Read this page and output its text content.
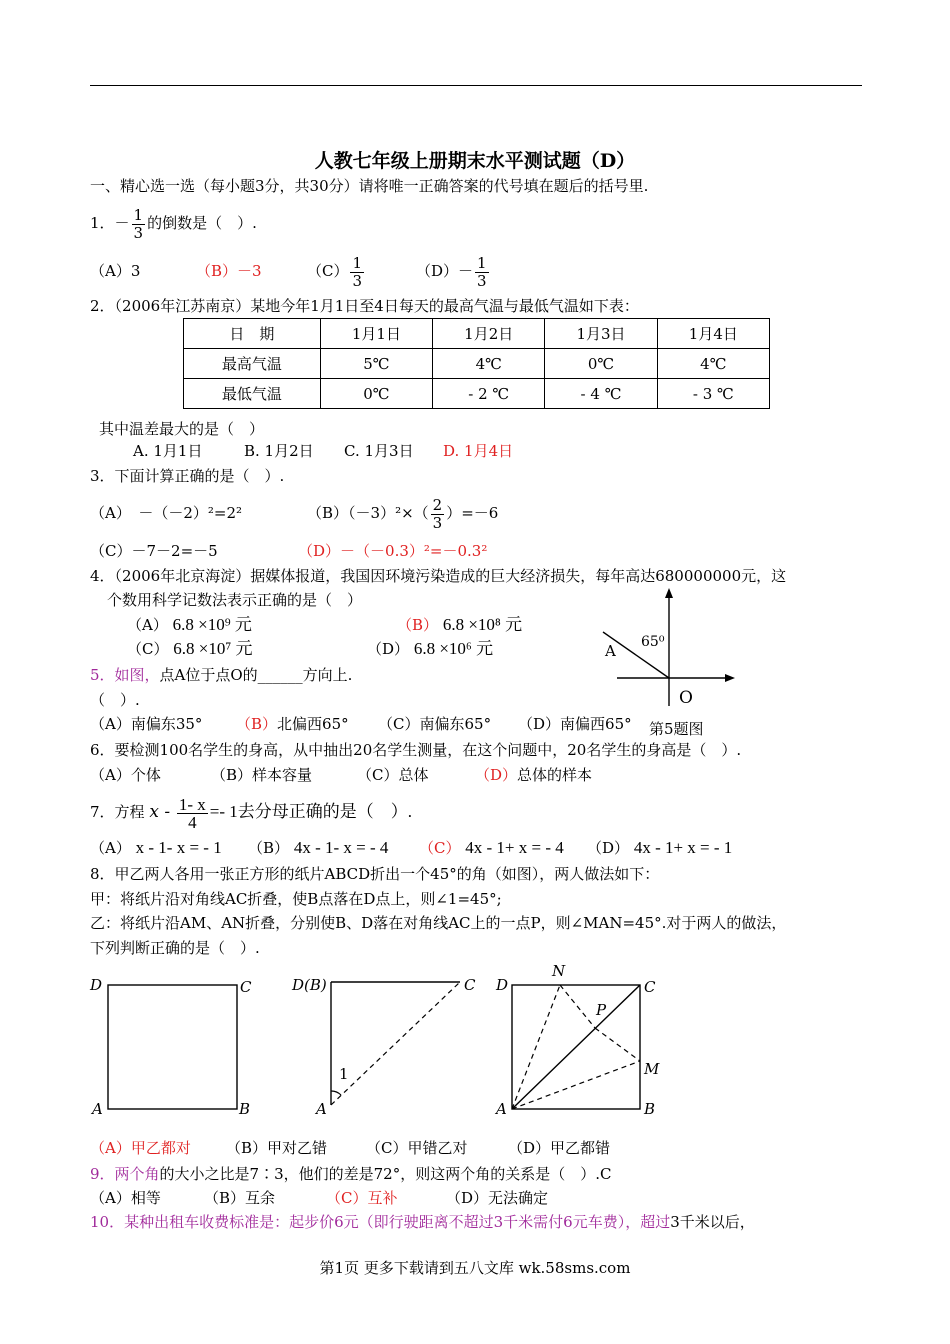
人教七年级上册期末水平测试题（D）
一、精心选一选（每小题3分，共30分）请将唯一正确答案的代号填在题后的括号里.
1．－ $\frac{1}{3}$ 的倒数是（　）.
（A）3	（B）－3	$(C) \frac{1}{3}$	$(D)- \frac{1}{3}$
2．（2006年江苏南京）某地今年1月1日至4日每天的最高气温与最低气温如下表：
日　期	1月1日	1月2日	1月3日	1月4日
最高气温	5℃	4℃	0℃	4℃
最低气温	0℃	- 2 ℃	- 4 ℃	- 3 ℃
其中温差最大的是（　）
A. 1月1日	B. 1月2日 C. 1月3日 D. 1月4日
3．下面计算正确的是（　）.
（A）　－（－2）²=2²	$(B)(-3)^2\times( \frac{2}{3} )=-6$
（C）－7－2=－5	（D）－（－0.3）²=－0.3²
4．（2006年北京海淀）据媒体报道，我国因环境污染造成的巨大经济损失，每年高达680000000元，这
个数用科学记数法表示正确的是（　）
（A） 6.8 ×10⁹ 元	（B） 6.8 ×10⁸ 元
（C） 6.8 ×10⁷ 元	（D） 6.8 ×10⁶ 元	65⁰
A
O
第5题图
5．如图，点A位于点O的______方向上.
（　）.
（A）南偏东35° （B）北偏西65° （C）南偏东65° （D）南偏西65°
6．要检测100名学生的身高，从中抽出20名学生测量，在这个问题中，20名学生的身高是（　）.
（A）个体	（B）样本容量	（C）总体	（D）总体的样本
7．方程 $x - \frac{1- x}{4} =- 1$去分母正确的是（　）.
（A） x - 1- x = - 1 （B） 4x - 1- x = - 4 （C） 4x - 1+ x = - 4 （D） 4x - 1+ x = - 1
8．甲乙两人各用一张正方形的纸片ABCD折出一个45°的角（如图），两人做法如下：
甲：将纸片沿对角线AC折叠，使B点落在D点上，则∠1=45°;
乙：将纸片沿AM、AN折叠，分别使B、D落在对角线AC上的一点P，则∠MAN=45°.对于两人的做法，
下列判断正确的是（　）.
D	C
A	B
D(B)	C
A
1
D
N
C
P
M
A	B
（A）甲乙都对 （B）甲对乙错	（C）甲错乙对	（D）甲乙都错
9．两个角的大小之比是7∶3，他们的差是72°，则这两个角的关系是（　）.C
（A）相等	（B）互余	（C）互补	（D）无法确定
10．某种出租车收费标准是：起步价6元（即行驶距离不超过3千米需付6元车费），超过3千米以后，
第1页 更多下载请到五八文库 wk.58sms.com
